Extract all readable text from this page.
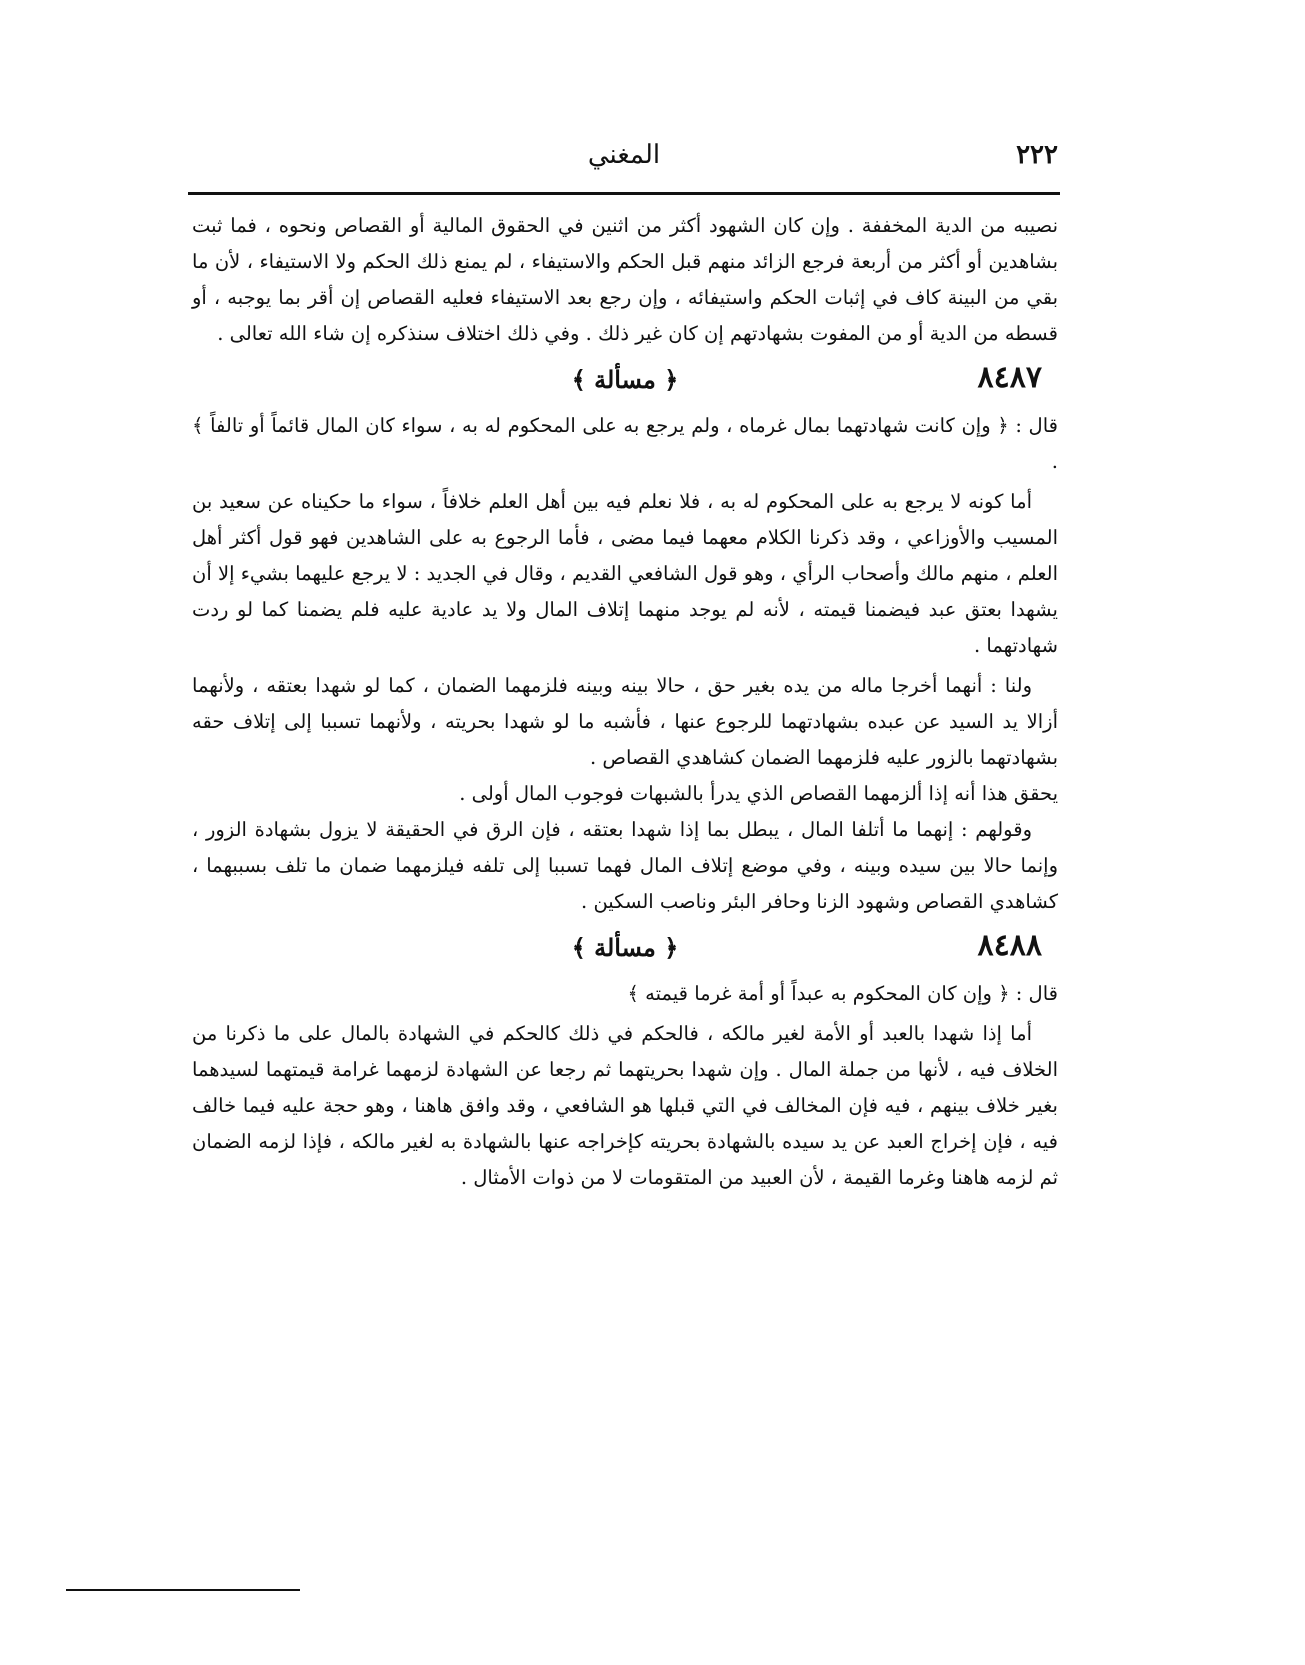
٢٢٢
المغني

نصيبه من الدية المخففة . وإن كان الشهود أكثر من اثنين في الحقوق المالية أو القصاص ونحوه ، فما ثبت بشاهدين أو أكثر من أربعة فرجع الزائد منهم قبل الحكم والاستيفاء ، لم يمنع ذلك الحكم ولا الاستيفاء ، لأن ما بقي من البينة كاف في إثبات الحكم واستيفائه ، وإن رجع بعد الاستيفاء فعليه القصاص إن أقر بما يوجبه ، أو قسطه من الدية أو من المفوت بشهادتهم إن كان غير ذلك . وفي ذلك اختلاف سنذكره إن شاء الله تعالى .

٨٤٨٧
﴿ مسألة ﴾

قال : ﴿ وإن كانت شهادتهما بمال غرماه ، ولم يرجع به على المحكوم له به ، سواء كان المال قائماً أو تالفاً ﴾ .

أما كونه لا يرجع به على المحكوم له به ، فلا نعلم فيه بين أهل العلم خلافاً ، سواء ما حكيناه عن سعيد بن المسيب والأوزاعي ، وقد ذكرنا الكلام معهما فيما مضى ، فأما الرجوع به على الشاهدين فهو قول أكثر أهل العلم ، منهم مالك وأصحاب الرأي ، وهو قول الشافعي القديم ، وقال في الجديد : لا يرجع عليهما بشيء إلا أن يشهدا بعتق عبد فيضمنا قيمته ، لأنه لم يوجد منهما إتلاف المال ولا يد عادية عليه فلم يضمنا كما لو ردت شهادتهما .

ولنا : أنهما أخرجا ماله من يده بغير حق ، حالا بينه وبينه فلزمهما الضمان ، كما لو شهدا بعتقه ، ولأنهما أزالا يد السيد عن عبده بشهادتهما للرجوع عنها ، فأشبه ما لو شهدا بحريته ، ولأنهما تسببا إلى إتلاف حقه بشهادتهما بالزور عليه فلزمهما الضمان كشاهدي القصاص .

يحقق هذا أنه إذا ألزمهما القصاص الذي يدرأ بالشبهات فوجوب المال أولى .

وقولهم : إنهما ما أتلفا المال ، يبطل بما إذا شهدا بعتقه ، فإن الرق في الحقيقة لا يزول بشهادة الزور ، وإنما حالا بين سيده وبينه ، وفي موضع إتلاف المال فهما تسببا إلى تلفه فيلزمهما ضمان ما تلف بسببهما ، كشاهدي القصاص وشهود الزنا وحافر البئر وناصب السكين .

٨٤٨٨
﴿ مسألة ﴾

قال : ﴿ وإن كان المحكوم به عبداً أو أمة غرما قيمته ﴾

أما إذا شهدا بالعبد أو الأمة لغير مالكه ، فالحكم في ذلك كالحكم في الشهادة بالمال على ما ذكرنا من الخلاف فيه ، لأنها من جملة المال . وإن شهدا بحريتهما ثم رجعا عن الشهادة لزمهما غرامة قيمتهما لسيدهما بغير خلاف بينهم ، فيه فإن المخالف في التي قبلها هو الشافعي ، وقد وافق هاهنا ، وهو حجة عليه فيما خالف فيه ، فإن إخراج العبد عن يد سيده بالشهادة بحريته كإخراجه عنها بالشهادة به لغير مالكه ، فإذا لزمه الضمان ثم لزمه هاهنا وغرما القيمة ، لأن العبيد من المتقومات لا من ذوات الأمثال .
